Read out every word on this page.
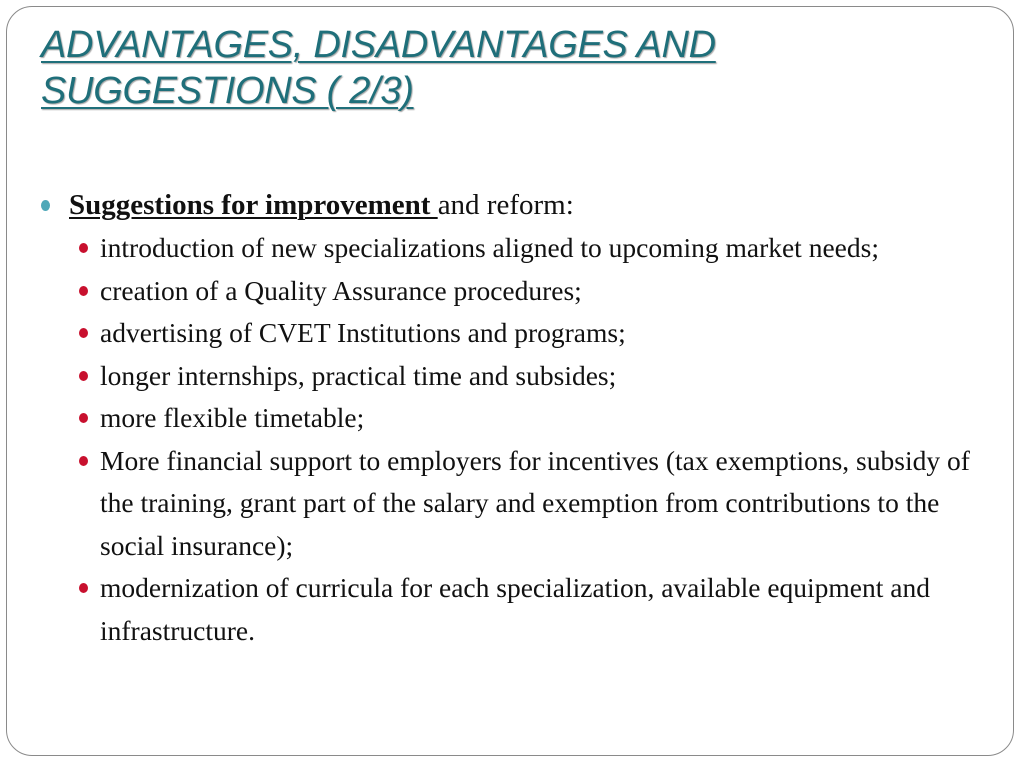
ADVANTAGES, DISADVANTAGES AND SUGGESTIONS ( 2/3)
Suggestions for improvement and reform:
introduction of new specializations aligned to upcoming market needs;
creation of a Quality Assurance procedures;
advertising of CVET Institutions and programs;
longer internships, practical time and subsides;
more flexible timetable;
More financial support to employers for incentives (tax exemptions, subsidy of the training, grant part of the salary and exemption from contributions to the social insurance);
modernization of curricula for each specialization, available equipment and infrastructure.
